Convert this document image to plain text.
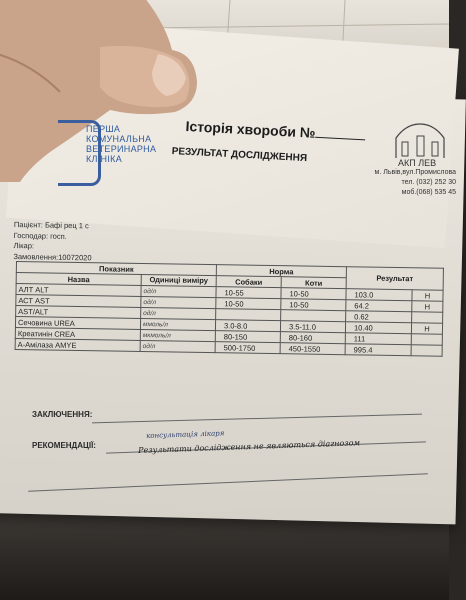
ПЕРША
КОМУНАЛЬНА
ВЕТЕРИНАРНА
КЛІНІКА
Історія хвороби №
РЕЗУЛЬТАТ ДОСЛІДЖЕННЯ	АКП ЛЕВ
м. Львів,вул.Промислова
тел. (032) 252 30
моб.(068) 535 45
Пацієнт: Бафі рец 1 с
Господар: госп.
Лікар:
Замовлення:10072020
Показник		Норма		Результат	
Назва	Одиниці виміру	Собаки	Коти		
АЛТ ALT	од/л	10-55	10-50	103.0	H
АСТ AST	од/л	10-50	10-50	64.2	H
AST/ALT	од/л			0.62	
Сечовина UREA	ммоль/л	3.0-8.0	3.5-11.0	10.40	H
Креатинін CREA	мкмоль/л	80-150	80-160	111	
А-Амілаза AMYE	од/л	500-1750	450-1550	995.4	
ЗАКЛЮЧЕННЯ:
РЕКОМЕНДАЦІЇ:
консультація лікаря
Результати дослідження не являються діагнозом
